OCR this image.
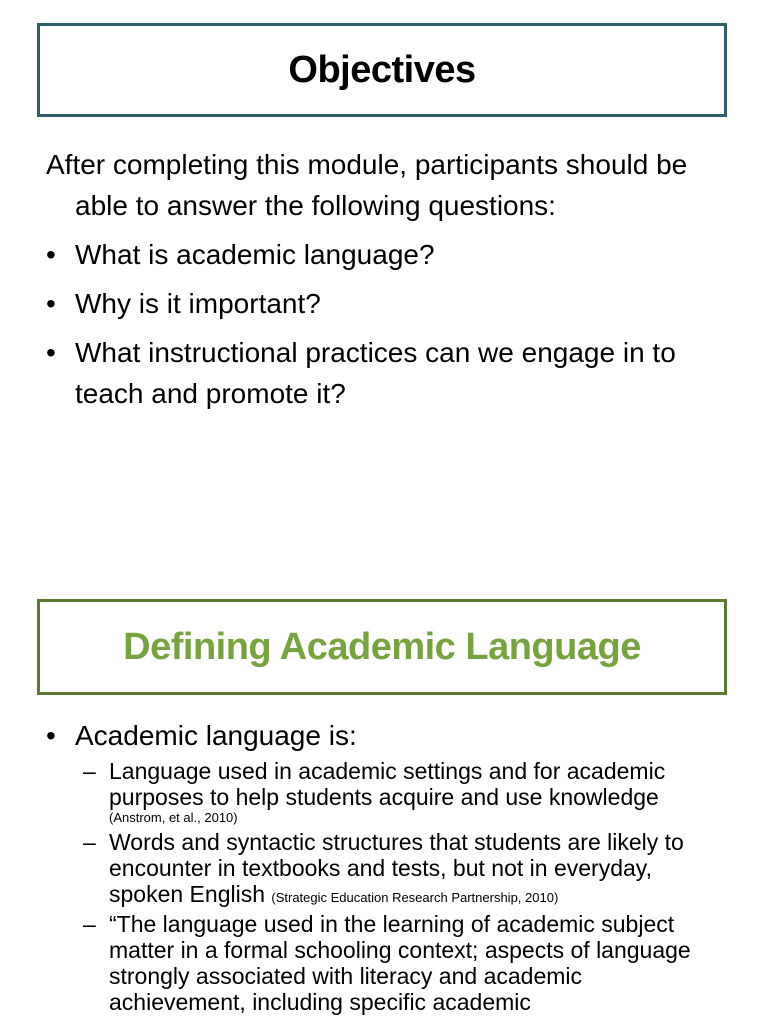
Objectives

After completing this module, participants should be able to answer the following questions:

• What is academic language?
• Why is it important?
• What instructional practices can we engage in to teach and promote it?
Defining Academic Language
• Academic language is:
– Language used in academic settings and for academic purposes to help students acquire and use knowledge
(Anstrom, et al., 2010)
– Words and syntactic structures that students are likely to encounter in textbooks and tests, but not in everyday, spoken English (Strategic Education Research Partnership, 2010)
– “The language used in the learning of academic subject matter in a formal schooling context; aspects of language strongly associated with literacy and academic achievement, including specific academic
